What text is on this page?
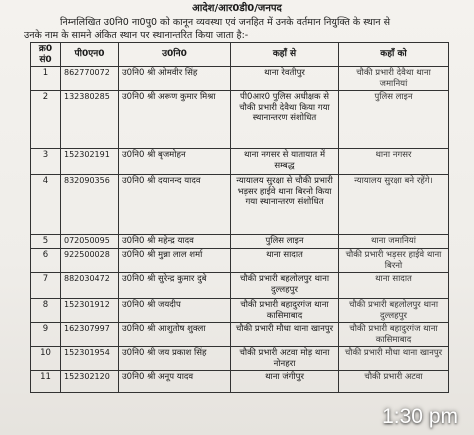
आदेश/आर0डी0/जनपद
निम्नलिखित उ0नि0 ना0पु0 को कानून व्यवस्था एवं जनहित में उनके वर्तमान नियुक्ति के स्थान से
उनके नाम के सामने अंकित स्थान पर स्थानान्तरित किया जाता है:-
क्र0 सं0	पी0एन0	उ0नि0	कहाँ से	कहाँ को
1	862770072	उ0नि0 श्री ओमवीर सिंह	थाना रेवतीपुर	चौकी प्रभारी देवैथा थाना जमानियां
2	132380285	उ0नि0 श्री अरूण कुमार मिश्रा	पी0आर0 पुलिस अधीक्षक से चौकी प्रभारी देवैथा किया गया स्थानान्तरण संशोधित	पुलिस लाइन
3	152302191	उ0नि0 श्री बृजमोहन	थाना नगसर से यातायात में सम्बद्ध	थाना नगसर
4	832090356	उ0नि0 श्री दयानन्द यादव	न्यायालय सुरक्षा से चौकी प्रभारी भड़सर हाईवे थाना बिरनो किया गया स्थानान्तरण संशोधित	न्यायालय सुरक्षा बने रहेंगे।
5	072050095	उ0नि0 श्री महेन्द्र यादव	पुलिस लाइन	थाना जमानियां
6	922500028	उ0नि0 श्री मुन्ना लाल शर्मा	थाना सादात	चौकी प्रभारी भड़सर हाईवे थाना बिरनो
7	882030472	उ0नि0 श्री सुरेन्द्र कुमार दुबे	चौकी प्रभारी बहलोलपुर थाना दुल्लहपुर	थाना सादात
8	152301912	उ0नि0 श्री जयदीप	चौकी प्रभारी बहादुरगंज थाना कासिमाबाद	चौकी प्रभारी बहलोलपुर थाना दुल्लहपुर
9	162307997	उ0नि0 श्री आशुतोष शुक्ला	चौकी प्रभारी मौधा थाना खानपुर	चौकी प्रभारी बहादुरगंज थाना कासिमाबाद
10	152301954	उ0नि0 श्री जय प्रकाश सिंह	चौकी प्रभारी अटवा मोड़ थाना नोनहरा	चौकी प्रभारी मौधा थाना खानपुर
11	152302120	उ0नि0 श्री अनूप यादव	थाना जंगीपुर	चौकी प्रभारी अटवा
1:30 pm
